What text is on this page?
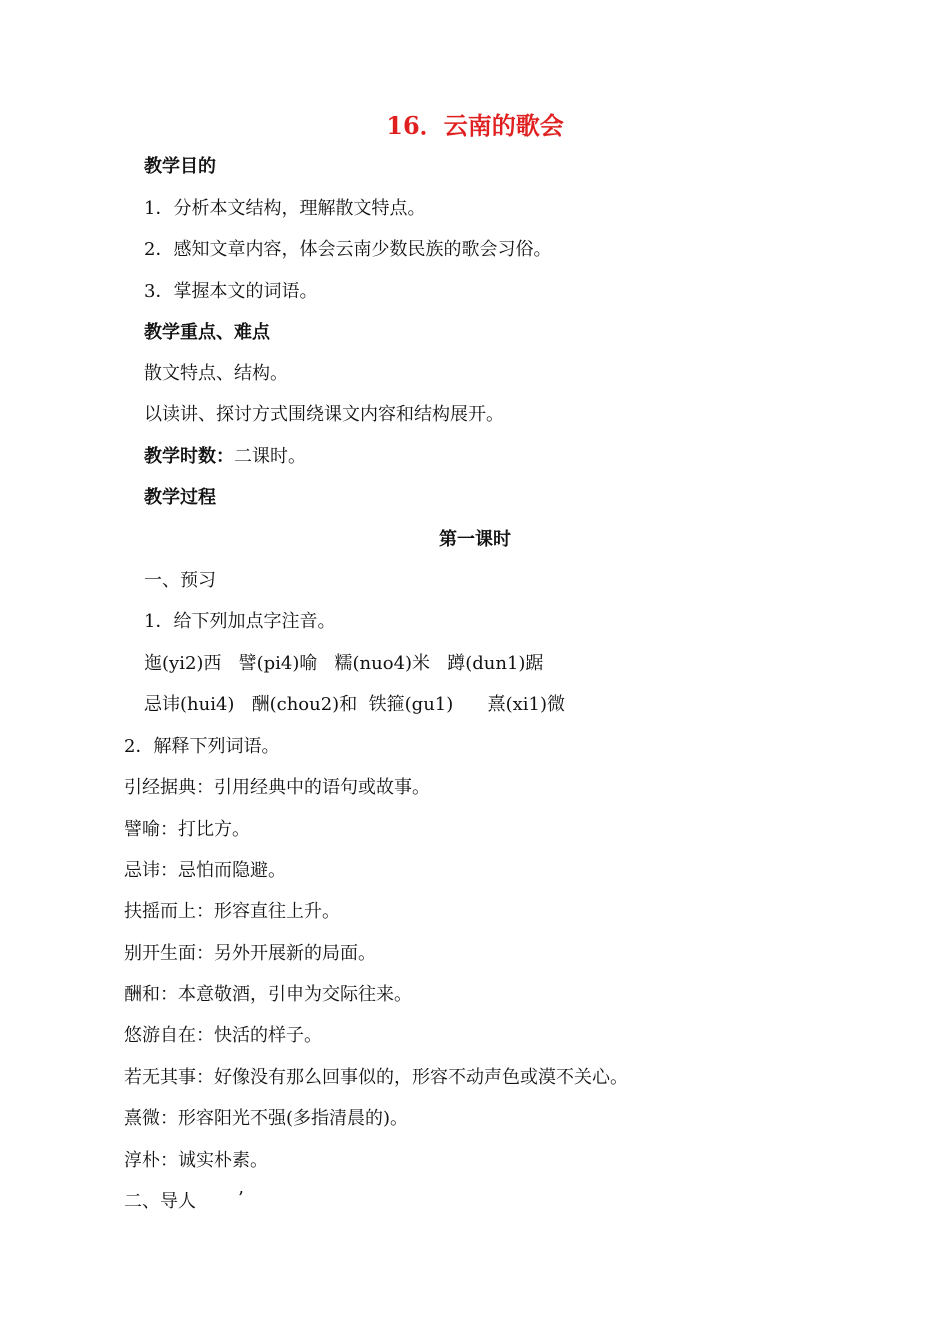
16．云南的歌会
教学目的
1．分析本文结构，理解散文特点。
2．感知文章内容，体会云南少数民族的歌会习俗。
3．掌握本文的词语。
教学重点、难点
散文特点、结构。
以读讲、探讨方式围绕课文内容和结构展开。
教学时数：二课时。
教学过程
第一课时
一、预习
1．给下列加点字注音。
迤(yi2)西   譬(pi4)喻   糯(nuo4)米   蹲(dun1)踞
忌讳(hui4)   酬(chou2)和  铁箍(gu1)      熹(xi1)微
2．解释下列词语。
引经据典：引用经典中的语句或故事。
譬喻：打比方。
忌讳：忌怕而隐避。
扶摇而上：形容直往上升。
别开生面：另外开展新的局面。
酬和：本意敬酒，引申为交际往来。
悠游自在：快活的样子。
若无其事：好像没有那么回事似的，形容不动声色或漠不关心。
熹微：形容阳光不强(多指清晨的)。
淳朴：诚实朴素。
二、导人 ’
